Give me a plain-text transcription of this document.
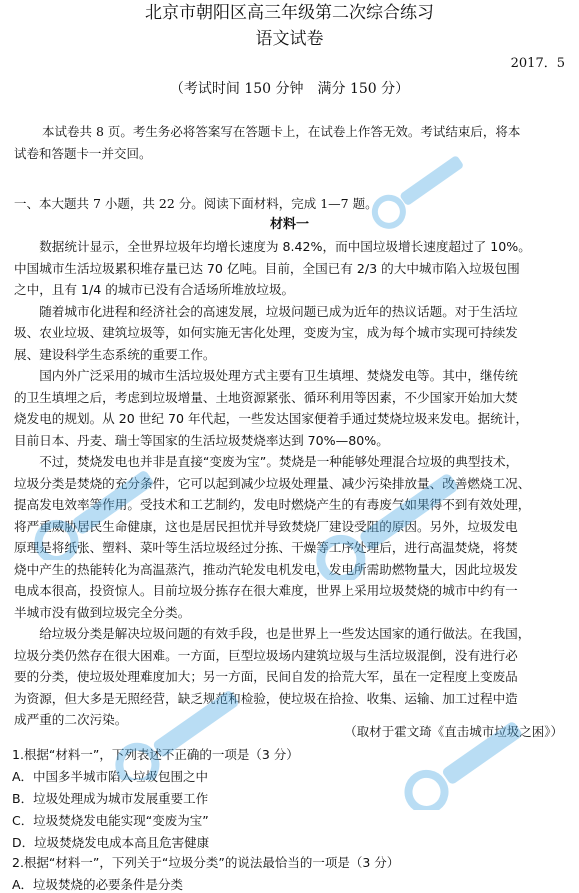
北京市朝阳区高三年级第二次综合练习
语文试卷
2017．5
（考试时间 150 分钟　满分 150 分）
本试卷共 8 页。考生务必将答案写在答题卡上，在试卷上作答无效。考试结束后，将本
试卷和答题卡一并交回。
一、本大题共 7 小题，共 22 分。阅读下面材料，完成 1—7 题。
材料一
　　数据统计显示，全世界垃圾年均增长速度为 8.42%，而中国垃圾增长速度超过了 10%。
中国城市生活垃圾累积堆存量已达 70 亿吨。目前，全国已有 2/3 的大中城市陷入垃圾包围
之中，且有 1/4 的城市已没有合适场所堆放垃圾。
　　随着城市化进程和经济社会的高速发展，垃圾问题已成为近年的热议话题。对于生活垃
圾、农业垃圾、建筑垃圾等，如何实施无害化处理，变废为宝，成为每个城市实现可持续发
展、建设科学生态系统的重要工作。
　　国内外广泛采用的城市生活垃圾处理方式主要有卫生填埋、焚烧发电等。其中，继传统
的卫生填埋之后，考虑到垃圾增量、土地资源紧张、循环利用等因素，不少国家开始加大焚
烧发电的规划。从 20 世纪 70 年代起，一些发达国家便着手通过焚烧垃圾来发电。据统计，
目前日本、丹麦、瑞士等国家的生活垃圾焚烧率达到 70%—80%。
　　不过，焚烧发电也并非是直接“变废为宝”。焚烧是一种能够处理混合垃圾的典型技术，
垃圾分类是焚烧的充分条件，它可以起到减少垃圾处理量、减少污染排放量、改善燃烧工况、
提高发电效率等作用。受技术和工艺制约，发电时燃烧产生的有毒废气如果得不到有效处理，
将严重威胁居民生命健康，这也是居民担忧并导致焚烧厂建设受阻的原因。另外，垃圾发电
原理是将纸张、塑料、菜叶等生活垃圾经过分拣、干燥等工序处理后，进行高温焚烧，将焚
烧中产生的热能转化为高温蒸汽，推动汽轮发电机发电，发电所需助燃物量大，因此垃圾发
电成本很高，投资惊人。目前垃圾分拣存在很大难度，世界上采用垃圾焚烧的城市中约有一
半城市没有做到垃圾完全分类。
　　给垃圾分类是解决垃圾问题的有效手段，也是世界上一些发达国家的通行做法。在我国，
垃圾分类仍然存在很大困难。一方面，巨型垃圾场内建筑垃圾与生活垃圾混倒，没有进行必
要的分类，使垃圾处理难度加大；另一方面，民间自发的拾荒大军，虽在一定程度上变废品
为资源，但大多是无照经营，缺乏规范和检验，使垃圾在拾捡、收集、运输、加工过程中造
成严重的二次污染。
（取材于霍文琦《直击城市垃圾之困》）
1.根据“材料一”，下列表述不正确的一项是（3 分）
A．中国多半城市陷入垃圾包围之中
B．垃圾处理成为城市发展重要工作
C．垃圾焚烧发电能实现“变废为宝”
D．垃圾焚烧发电成本高且危害健康
2.根据“材料一”，下列关于“垃圾分类”的说法最恰当的一项是（3 分）
A．垃圾焚烧的必要条件是分类
